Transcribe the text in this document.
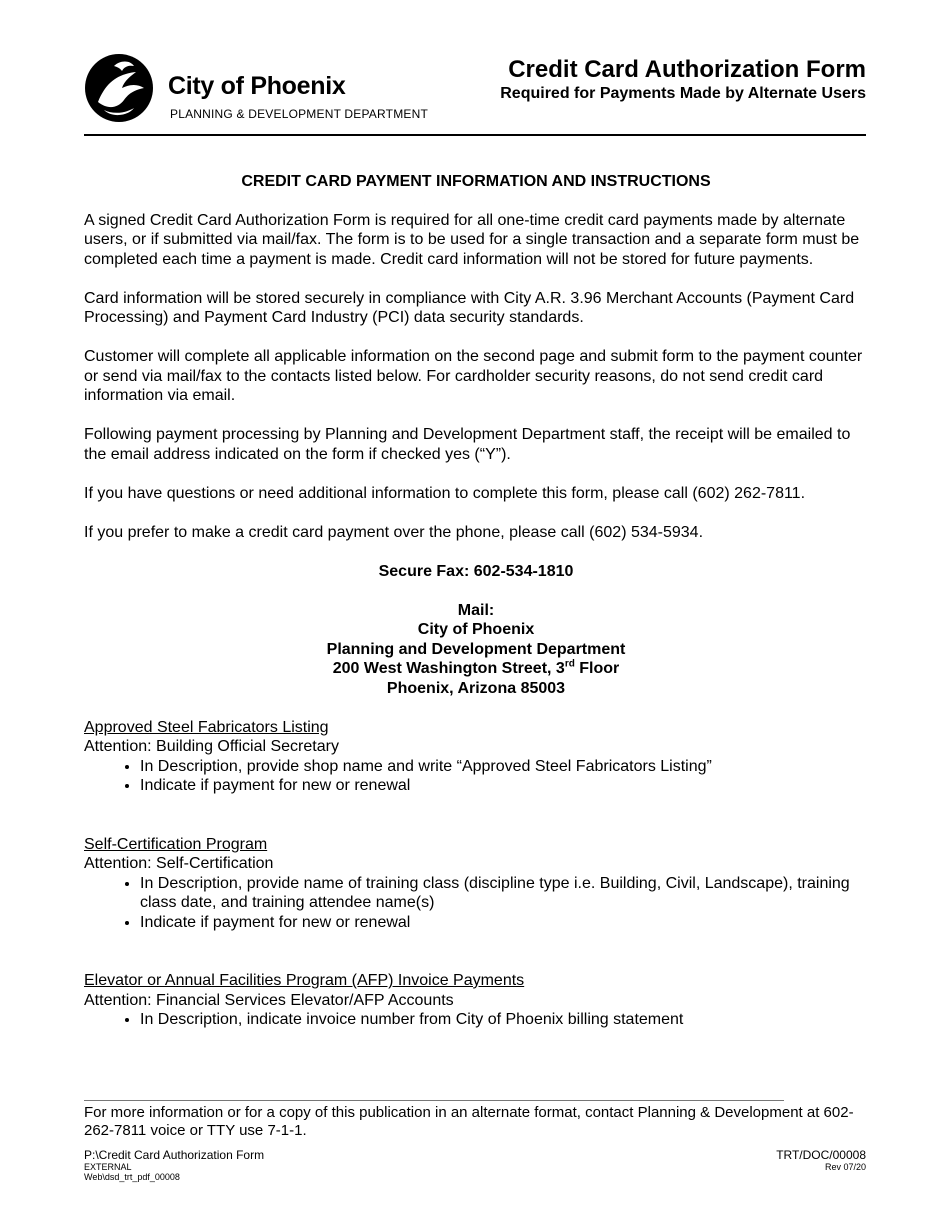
City of Phoenix
PLANNING & DEVELOPMENT DEPARTMENT
Credit Card Authorization Form
Required for Payments Made by Alternate Users
CREDIT CARD PAYMENT INFORMATION AND INSTRUCTIONS

A signed Credit Card Authorization Form is required for all one-time credit card payments made by alternate users, or if submitted via mail/fax. The form is to be used for a single transaction and a separate form must be completed each time a payment is made. Credit card information will not be stored for future payments.

Card information will be stored securely in compliance with City A.R. 3.96 Merchant Accounts (Payment Card Processing) and Payment Card Industry (PCI) data security standards.

Customer will complete all applicable information on the second page and submit form to the payment counter or send via mail/fax to the contacts listed below. For cardholder security reasons, do not send credit card information via email.

Following payment processing by Planning and Development Department staff, the receipt will be emailed to the email address indicated on the form if checked yes (“Y”).

If you have questions or need additional information to complete this form, please call (602) 262-7811.

If you prefer to make a credit card payment over the phone, please call (602) 534-5934.

Secure Fax: 602-534-1810

Mail:
City of Phoenix
Planning and Development Department
200 West Washington Street, 3rd Floor
Phoenix, Arizona 85003

Approved Steel Fabricators Listing
Attention: Building Official Secretary
• In Description, provide shop name and write “Approved Steel Fabricators Listing”
• Indicate if payment for new or renewal
Self-Certification Program
Attention: Self-Certification
• In Description, provide name of training class (discipline type i.e. Building, Civil, Landscape), training class date, and training attendee name(s)
• Indicate if payment for new or renewal
Elevator or Annual Facilities Program (AFP) Invoice Payments
Attention: Financial Services Elevator/AFP Accounts
• In Description, indicate invoice number from City of Phoenix billing statement
For more information or for a copy of this publication in an alternate format, contact Planning & Development at 602-262-7811 voice or TTY use 7-1-1.
P:\Credit Card Authorization Form
EXTERNAL
Web\dsd_trt_pdf_00008
TRT/DOC/00008
Rev 07/20
